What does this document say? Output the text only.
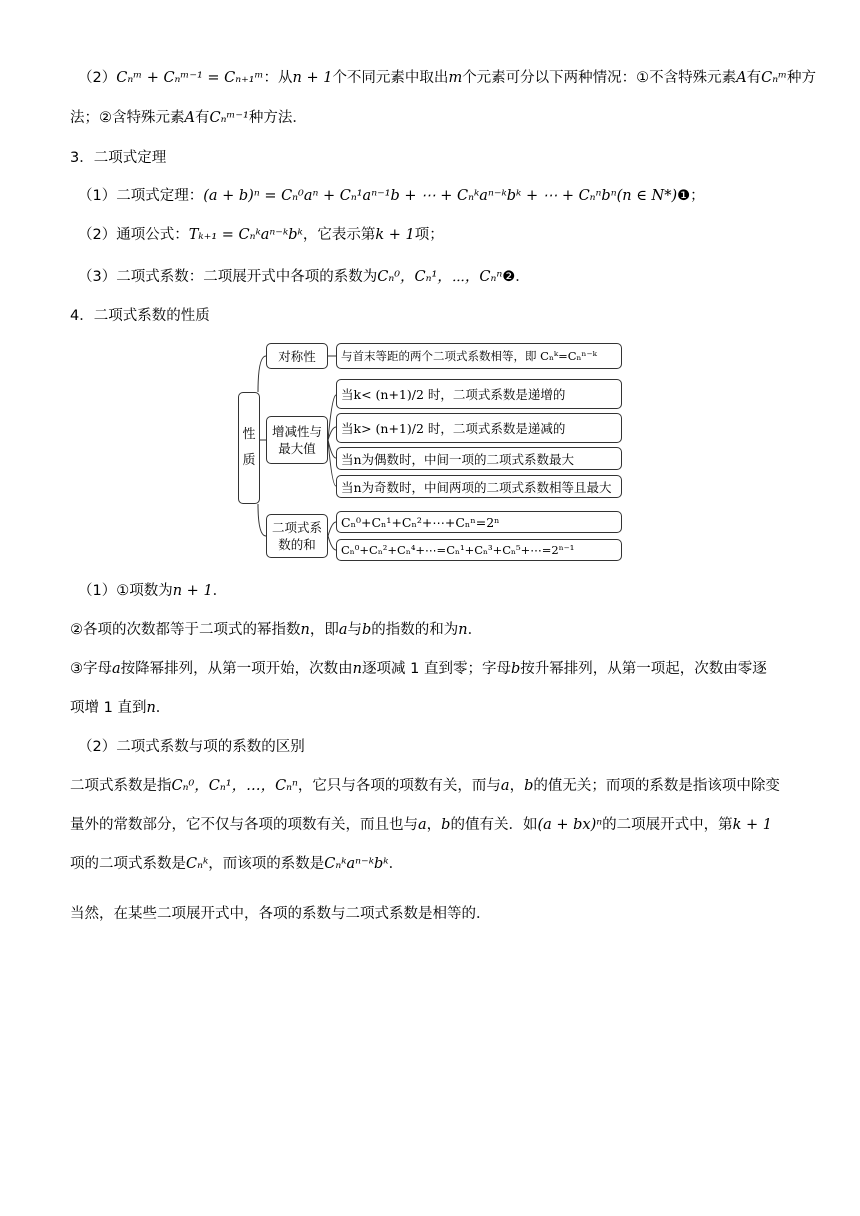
（2）Cₙᵐ + Cₙᵐ⁻¹ = Cₙ₊₁ᵐ：从n + 1个不同元素中取出m个元素可分以下两种情况：①不含特殊元素A有Cₙᵐ种方
法；②含特殊元素A有Cₙᵐ⁻¹种方法．
3．二项式定理
（1）二项式定理：(a + b)ⁿ = Cₙ⁰aⁿ + Cₙ¹aⁿ⁻¹b + ⋯ + Cₙᵏaⁿ⁻ᵏbᵏ + ⋯ + Cₙⁿbⁿ(n ∈ N*)❶；
（2）通项公式：Tₖ₊₁ = Cₙᵏaⁿ⁻ᵏbᵏ，它表示第k + 1项；
（3）二项式系数：二项展开式中各项的系数为Cₙ⁰，Cₙ¹，⋯，Cₙⁿ❷．
4．二项式系数的性质
性质
对称性
增减性与最大值
二项式系数的和
与首末等距的两个二项式系数相等，即 Cₙᵏ=Cₙⁿ⁻ᵏ
当k< (n+1)/2 时，二项式系数是递增的
当k> (n+1)/2 时，二项式系数是递减的
当n为偶数时，中间一项的二项式系数最大
当n为奇数时，中间两项的二项式系数相等且最大
Cₙ⁰+Cₙ¹+Cₙ²+⋯+Cₙⁿ=2ⁿ
Cₙ⁰+Cₙ²+Cₙ⁴+⋯=Cₙ¹+Cₙ³+Cₙ⁵+⋯=2ⁿ⁻¹
（1）①项数为n + 1．
②各项的次数都等于二项式的幂指数n，即a与b的指数的和为n．
③字母a按降幂排列，从第一项开始，次数由n逐项减 1 直到零；字母b按升幂排列，从第一项起，次数由零逐
项增 1 直到n．
（2）二项式系数与项的系数的区别
二项式系数是指Cₙ⁰，Cₙ¹，…，Cₙⁿ，它只与各项的项数有关，而与a，b的值无关；而项的系数是指该项中除变
量外的常数部分，它不仅与各项的项数有关，而且也与a，b的值有关．如(a + bx)ⁿ的二项展开式中，第k + 1
项的二项式系数是Cₙᵏ，而该项的系数是Cₙᵏaⁿ⁻ᵏbᵏ．
当然，在某些二项展开式中，各项的系数与二项式系数是相等的．
